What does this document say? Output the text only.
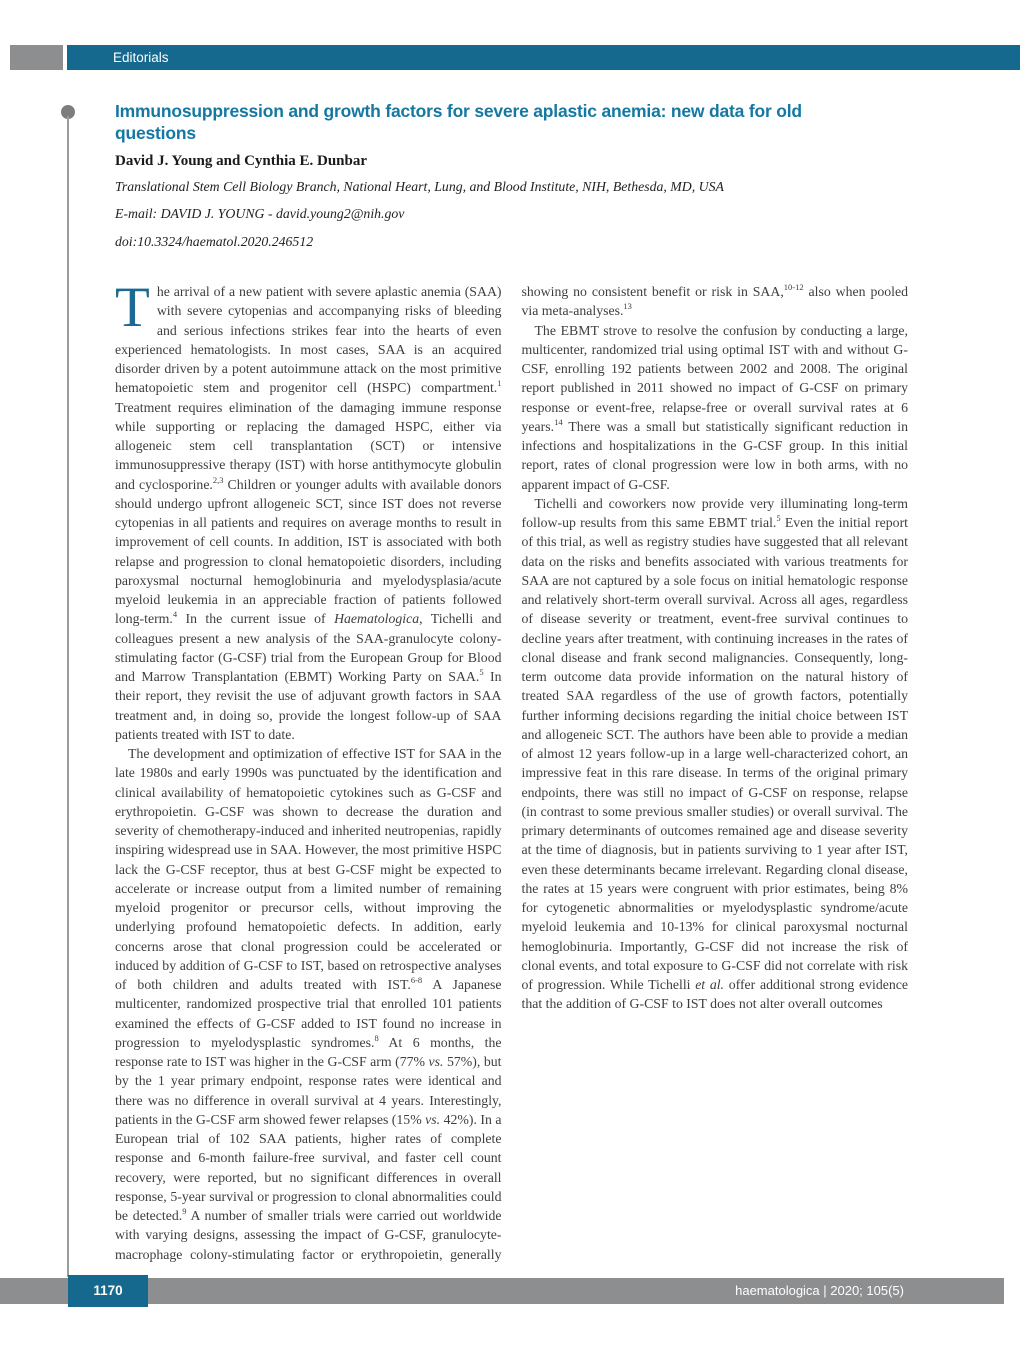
Editorials
Immunosuppression and growth factors for severe aplastic anemia: new data for old questions
David J. Young and Cynthia E. Dunbar
Translational Stem Cell Biology Branch, National Heart, Lung, and Blood Institute, NIH, Bethesda, MD, USA
E-mail: DAVID J. YOUNG - david.young2@nih.gov
doi:10.3324/haematol.2020.246512

The arrival of a new patient with severe aplastic anemia (SAA) with severe cytopenias and accompanying risks of bleeding and serious infections strikes fear into the hearts of even experienced hematologists. In most cases, SAA is an acquired disorder driven by a potent autoimmune attack on the most primitive hematopoietic stem and progenitor cell (HSPC) compartment.$^1$ Treatment requires elimination of the damaging immune response while supporting or replacing the damaged HSPC, either via allogeneic stem cell transplantation (SCT) or intensive immunosuppressive therapy (IST) with horse antithymocyte globulin and cyclosporine.$^{2,3}$ Children or younger adults with available donors should undergo upfront allogeneic SCT, since IST does not reverse cytopenias in all patients and requires on average months to result in improvement of cell counts. In addition, IST is associated with both relapse and progression to clonal hematopoietic disorders, including paroxysmal nocturnal hemoglobinuria and myelodysplasia/acute myeloid leukemia in an appreciable fraction of patients followed long-term.$^4$ In the current issue of Haematologica, Tichelli and colleagues present a new analysis of the SAA-granulocyte colony-stimulating factor (G-CSF) trial from the European Group for Blood and Marrow Transplantation (EBMT) Working Party on SAA.$^5$ In their report, they revisit the use of adjuvant growth factors in SAA treatment and, in doing so, provide the longest follow-up of SAA patients treated with IST to date.

The development and optimization of effective IST for SAA in the late 1980s and early 1990s was punctuated by the identification and clinical availability of hematopoietic cytokines such as G-CSF and erythropoietin. G-CSF was shown to decrease the duration and severity of chemotherapy-induced and inherited neutropenias, rapidly inspiring widespread use in SAA. However, the most primitive HSPC lack the G-CSF receptor, thus at best G-CSF might be expected to accelerate or increase output from a limited number of remaining myeloid progenitor or precursor cells, without improving the underlying profound hematopoietic defects. In addition, early concerns arose that clonal progression could be accelerated or induced by addition of G-CSF to IST, based on retrospective analyses of both children and adults treated with IST.$^{6-8}$ A Japanese multicenter, randomized prospective trial that enrolled 101 patients examined the effects of G-CSF added to IST found no increase in progression to myelodysplastic syndromes.$^8$ At 6 months, the response rate to IST was higher in the G-CSF arm (77% vs. 57%), but by the 1 year primary endpoint, response rates were identical and there was no difference in overall survival at 4 years. Interestingly, patients in the G-CSF arm showed fewer relapses (15% vs. 42%). In a European trial of 102 SAA patients, higher rates of complete response and 6-month failure-free survival, and faster cell count recovery, were reported, but no significant differences in overall response, 5-year survival or progression to clonal abnormalities could be detected.$^9$ A number of smaller trials were carried out worldwide with varying designs, assessing the impact of G-CSF, granulocyte-macrophage colony-stimulating factor or erythropoietin, generally showing no consistent benefit or risk in SAA,$^{10-12}$ also when pooled via meta-analyses.$^{13}$

The EBMT strove to resolve the confusion by conducting a large, multicenter, randomized trial using optimal IST with and without G-CSF, enrolling 192 patients between 2002 and 2008. The original report published in 2011 showed no impact of G-CSF on primary response or event-free, relapse-free or overall survival rates at 6 years.$^{14}$ There was a small but statistically significant reduction in infections and hospitalizations in the G-CSF group. In this initial report, rates of clonal progression were low in both arms, with no apparent impact of G-CSF.

Tichelli and coworkers now provide very illuminating long-term follow-up results from this same EBMT trial.$^5$ Even the initial report of this trial, as well as registry studies have suggested that all relevant data on the risks and benefits associated with various treatments for SAA are not captured by a sole focus on initial hematologic response and relatively short-term overall survival. Across all ages, regardless of disease severity or treatment, event-free survival continues to decline years after treatment, with continuing increases in the rates of clonal disease and frank second malignancies. Consequently, long-term outcome data provide information on the natural history of treated SAA regardless of the use of growth factors, potentially further informing decisions regarding the initial choice between IST and allogeneic SCT. The authors have been able to provide a median of almost 12 years follow-up in a large well-characterized cohort, an impressive feat in this rare disease. In terms of the original primary endpoints, there was still no impact of G-CSF on response, relapse (in contrast to some previous smaller studies) or overall survival. The primary determinants of outcomes remained age and disease severity at the time of diagnosis, but in patients surviving to 1 year after IST, even these determinants became irrelevant. Regarding clonal disease, the rates at 15 years were congruent with prior estimates, being 8% for cytogenetic abnormalities or myelodysplastic syndrome/acute myeloid leukemia and 10-13% for clinical paroxysmal nocturnal hemoglobinuria. Importantly, G-CSF did not increase the risk of clonal events, and total exposure to G-CSF did not correlate with risk of progression. While Tichelli et al. offer additional strong evidence that the addition of G-CSF to IST does not alter overall outcomes

haematologica | 2020; 105(5)
1170
